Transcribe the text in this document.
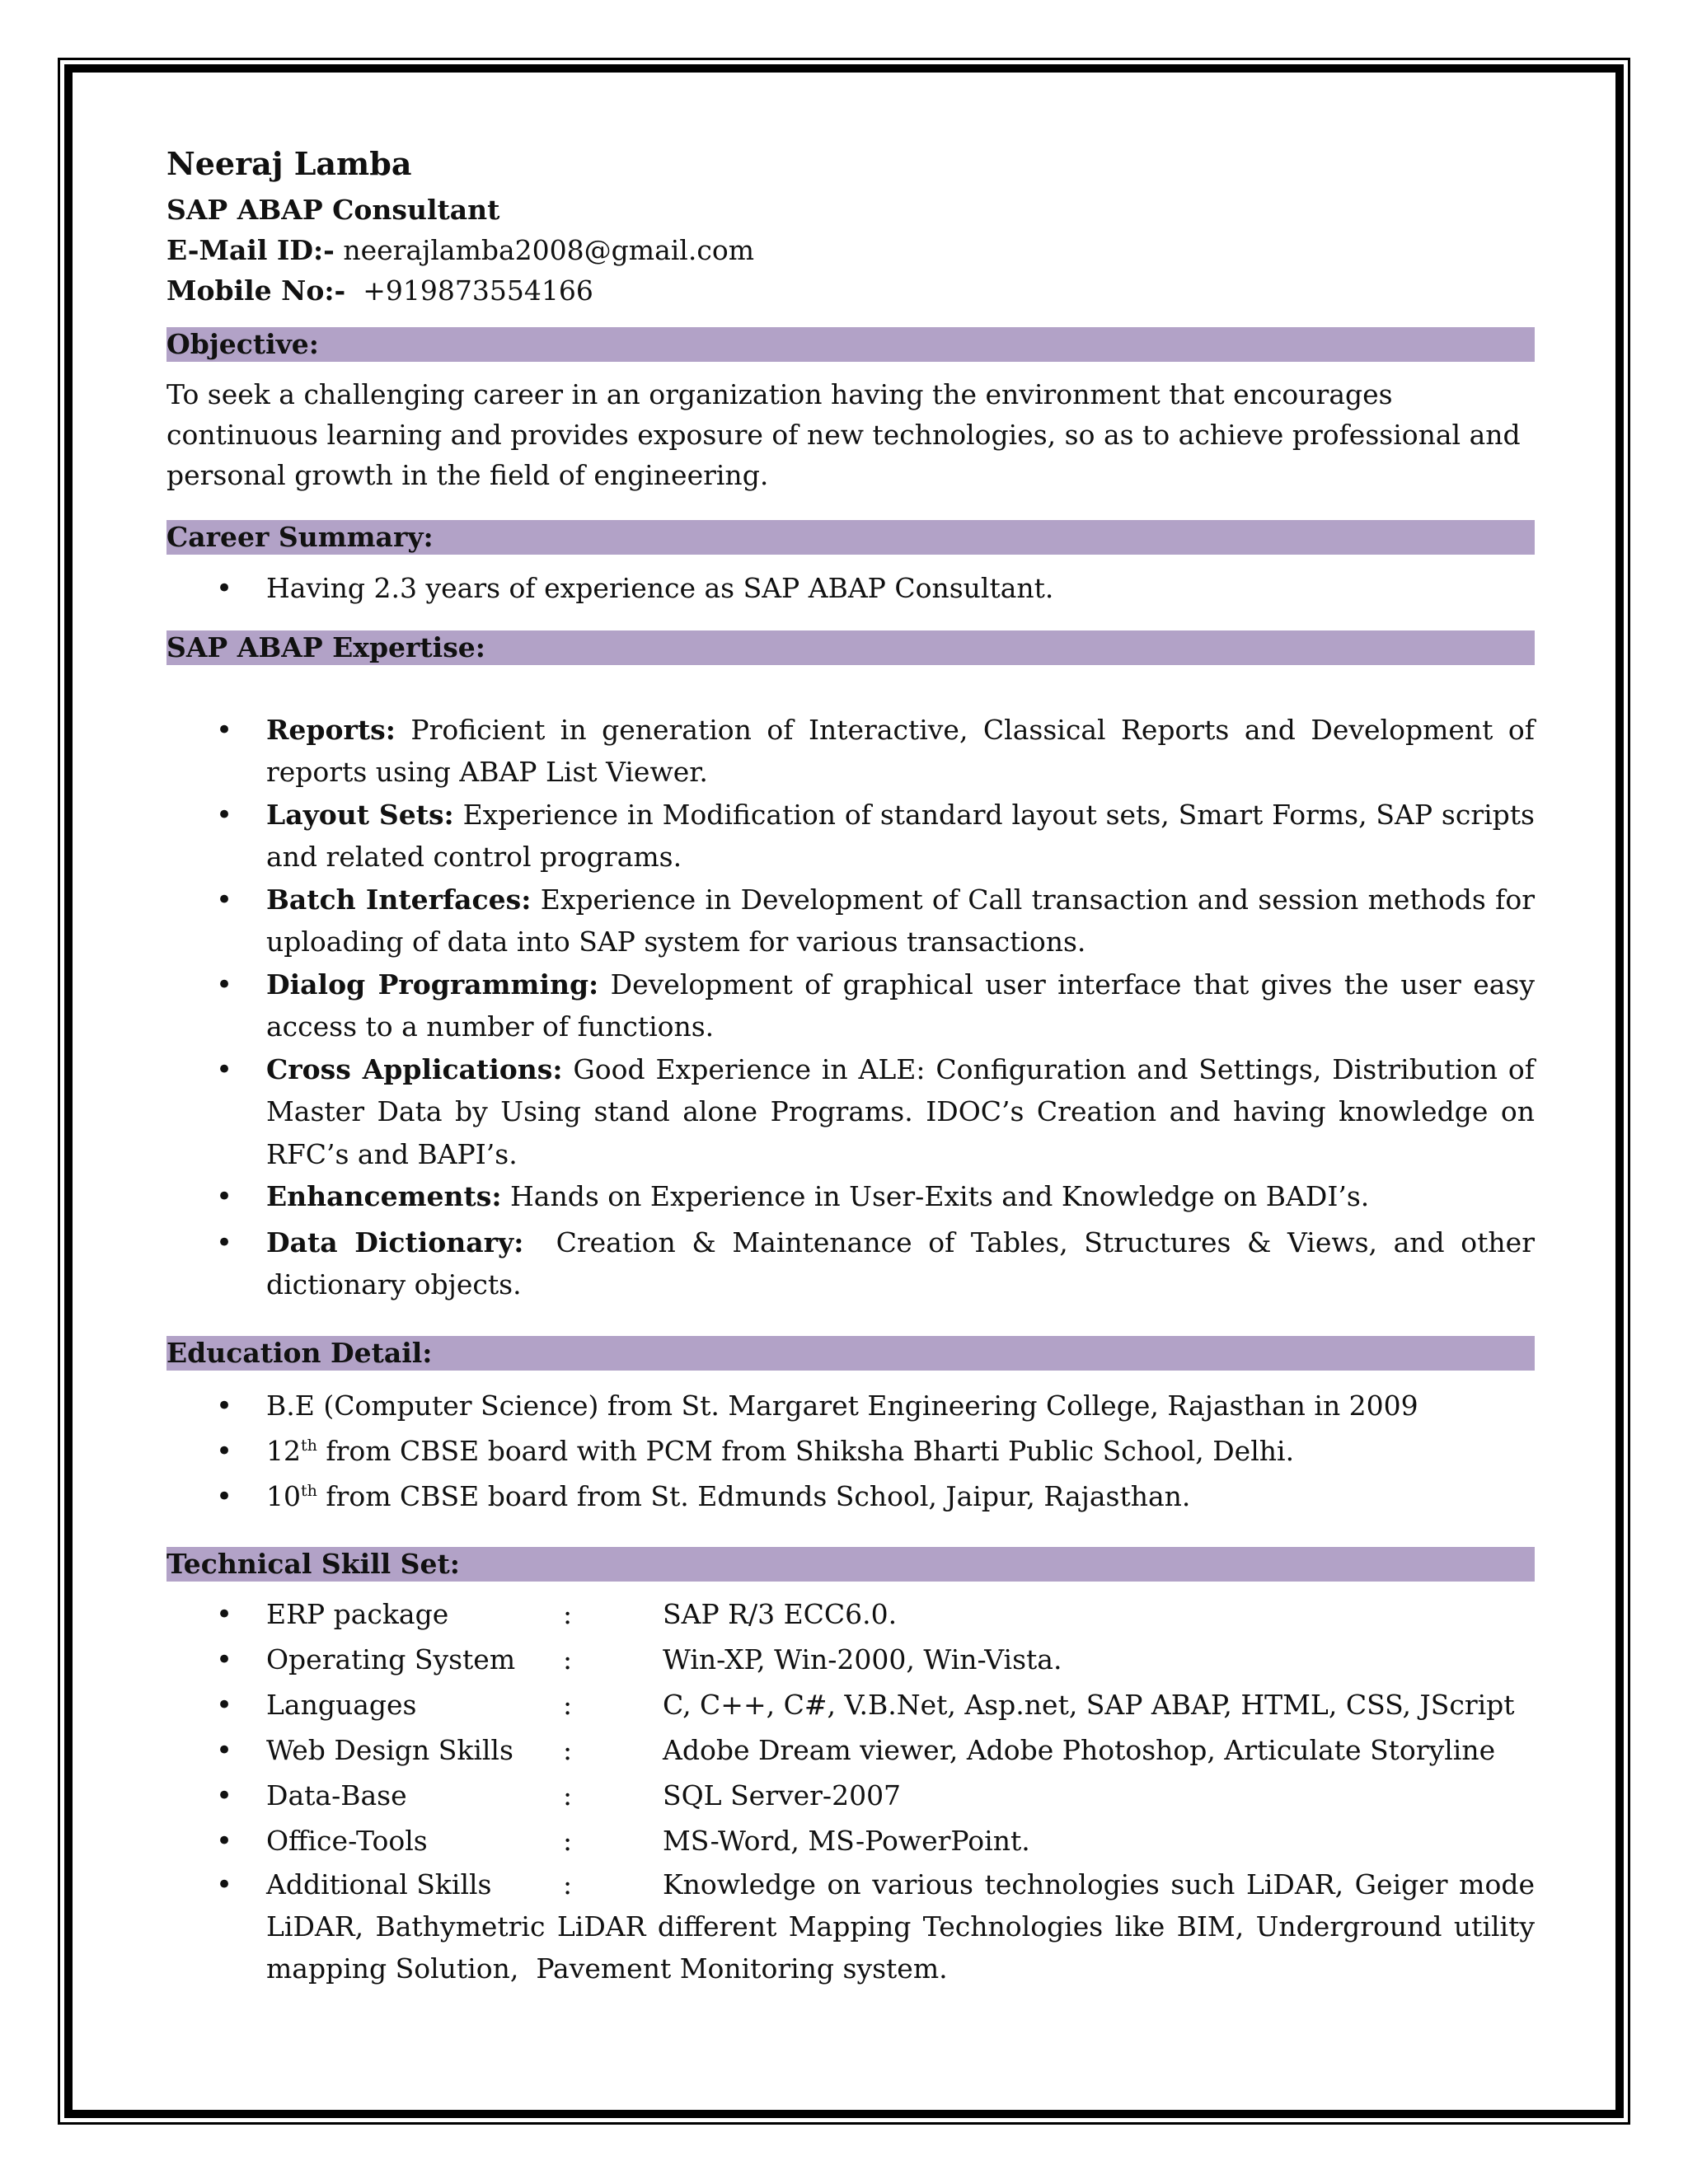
Neeraj Lamba
SAP ABAP Consultant
E-Mail ID:- neerajlamba2008@gmail.com
Mobile No:-  +919873554166
Objective:
To seek a challenging career in an organization having the environment that encourages continuous learning and provides exposure of new technologies, so as to achieve professional and personal growth in the field of engineering.
Career Summary:
•
Having 2.3 years of experience as SAP ABAP Consultant.
SAP ABAP Expertise:
•
Reports: Proficient in generation of Interactive, Classical Reports and Development of reports using ABAP List Viewer.
•
Layout Sets: Experience in Modification of standard layout sets, Smart Forms, SAP scripts and related control programs.
•
Batch Interfaces: Experience in Development of Call transaction and session methods for uploading of data into SAP system for various transactions.
•
Dialog Programming: Development of graphical user interface that gives the user easy access to a number of functions.
•
Cross Applications: Good Experience in ALE: Configuration and Settings, Distribution of Master Data by Using stand alone Programs. IDOC’s Creation and having knowledge on RFC’s and BAPI’s.
•
Enhancements: Hands on Experience in User-Exits and Knowledge on BADI’s.
•
Data Dictionary:  Creation & Maintenance of Tables, Structures & Views, and other dictionary objects.
Education Detail:
•
B.E (Computer Science) from St. Margaret Engineering College, Rajasthan in 2009
•
12th from CBSE board with PCM from Shiksha Bharti Public School, Delhi.
•
10th from CBSE board from St. Edmunds School, Jaipur, Rajasthan.
Technical Skill Set:
•
ERP package	:	SAP R/3 ECC6.0.
•
Operating System :	Win-XP, Win-2000, Win-Vista.
•
Languages	:	C, C++, C#, V.B.Net, Asp.net, SAP ABAP, HTML, CSS, JScript
•
Web Design Skills :	Adobe Dream viewer, Adobe Photoshop, Articulate Storyline
•
Data-Base	:	SQL Server-2007
•
Office-Tools	:	MS-Word, MS-PowerPoint.
•
Additional Skills	:	Knowledge on various technologies such LiDAR, Geiger mode LiDAR, Bathymetric LiDAR different Mapping Technologies like BIM, Underground utility mapping Solution,  Pavement Monitoring system.
